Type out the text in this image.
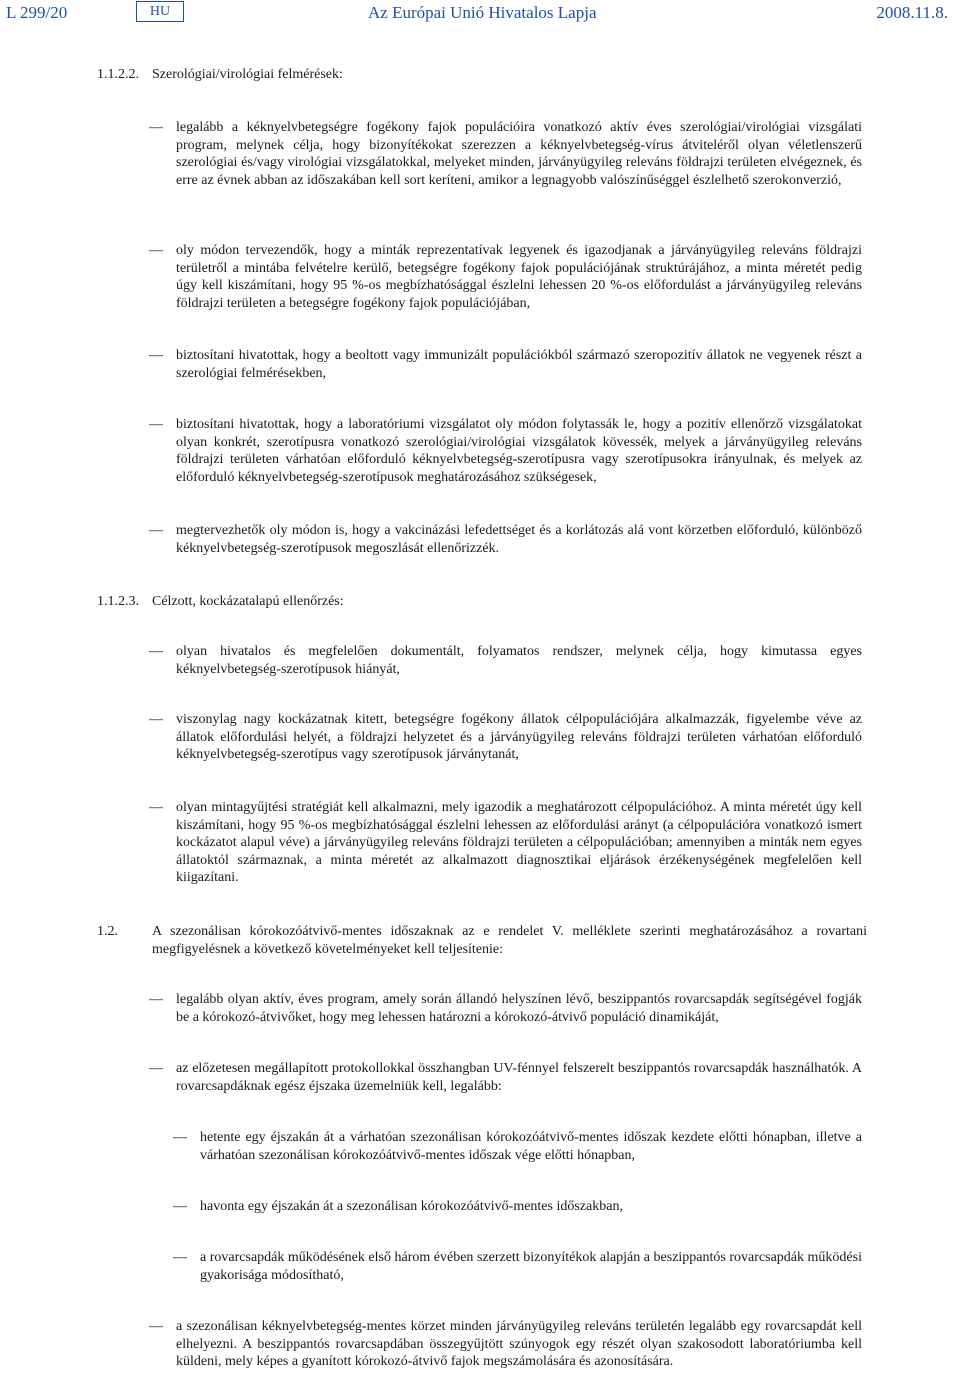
L 299/20	HU	Az Európai Unió Hivatalos Lapja	2008.11.8.
1.1.2.2. Szerológiai/virológiai felmérések:
— legalább a kéknyelvbetegségre fogékony fajok populációira vonatkozó aktív éves szerológiai/virológiai vizsgálati program, melynek célja, hogy bizonyítékokat szerezzen a kéknyelvbetegség-vírus átviteléről olyan véletlenszerű szerológiai és/vagy virológiai vizsgálatokkal, melyeket minden, járványügyileg releváns földrajzi területen elvégeznek, és erre az évnek abban az időszakában kell sort keríteni, amikor a legnagyobb valószínűséggel észlelhető szerokonverzió,
— oly módon tervezendők, hogy a minták reprezentatívak legyenek és igazodjanak a járványügyileg releváns földrajzi területről a mintába felvételre kerülő, betegségre fogékony fajok populációjának struktúrájához, a minta méretét pedig úgy kell kiszámítani, hogy 95 %-os megbízhatósággal észlelni lehessen 20 %-os előfordulást a járványügyileg releváns földrajzi területen a betegségre fogékony fajok populációjában,
— biztosítani hivatottak, hogy a beoltott vagy immunizált populációkból származó szeropozitív állatok ne vegyenek részt a szerológiai felmérésekben,
— biztosítani hivatottak, hogy a laboratóriumi vizsgálatot oly módon folytassák le, hogy a pozitív ellenőrző vizsgálatokat olyan konkrét, szerotípusra vonatkozó szerológiai/virológiai vizsgálatok kövessék, melyek a járványügyileg releváns földrajzi területen várhatóan előforduló kéknyelvbetegség-szerotípusra vagy szerotípusokra irányulnak, és melyek az előforduló kéknyelvbetegség-szerotípusok meghatározásához szükségesek,
— megtervezhetők oly módon is, hogy a vakcinázási lefedettséget és a korlátozás alá vont körzetben előforduló, különböző kéknyelvbetegség-szerotípusok megoszlását ellenőrizzék.
1.1.2.3. Célzott, kockázatalapú ellenőrzés:
— olyan hivatalos és megfelelően dokumentált, folyamatos rendszer, melynek célja, hogy kimutassa egyes kéknyelvbetegség-szerotípusok hiányát,
— viszonylag nagy kockázatnak kitett, betegségre fogékony állatok célpopulációjára alkalmazzák, figyelembe véve az állatok előfordulási helyét, a földrajzi helyzetet és a járványügyileg releváns földrajzi területen várhatóan előforduló kéknyelvbetegség-szerotípus vagy szerotípusok járványtanát,
— olyan mintagyűjtési stratégiát kell alkalmazni, mely igazodik a meghatározott célpopulációhoz. A minta méretét úgy kell kiszámítani, hogy 95 %-os megbízhatósággal észlelni lehessen az előfordulási arányt (a célpopulációra vonatkozó ismert kockázatot alapul véve) a járványügyileg releváns földrajzi területen a célpopulációban; amennyiben a minták nem egyes állatoktól származnak, a minta méretét az alkalmazott diagnosztikai eljárások érzékenységének megfelelően kell kiigazítani.
1.2. A szezonálisan kórokozóátvivő-mentes időszaknak az e rendelet V. melléklete szerinti meghatározásához a rovartani megfigyelésnek a következő követelményeket kell teljesítenie:
— legalább olyan aktív, éves program, amely során állandó helyszínen lévő, beszippantós rovarcsapdák segítségével fogják be a kórokozó-átvivőket, hogy meg lehessen határozni a kórokozó-átvivő populáció dinamikáját,
— az előzetesen megállapított protokollokkal összhangban UV-fénnyel felszerelt beszippantós rovarcsapdák használhatók. A rovarcsapdáknak egész éjszaka üzemelniük kell, legalább:
— hetente egy éjszakán át a várhatóan szezonálisan kórokozóátvivő-mentes időszak kezdete előtti hónapban, illetve a várhatóan szezonálisan kórokozóátvivő-mentes időszak vége előtti hónapban,
— havonta egy éjszakán át a szezonálisan kórokozóátvivő-mentes időszakban,
— a rovarcsapdák működésének első három évében szerzett bizonyítékok alapján a beszippantós rovarcsapdák működési gyakorisága módosítható,
— a szezonálisan kéknyelvbetegség-mentes körzet minden járványügyileg releváns területén legalább egy rovarcsapdát kell elhelyezni. A beszippantós rovarcsapdában összegyűjtött szúnyogok egy részét olyan szakosodott laboratóriumba kell küldeni, mely képes a gyanított kórokozó-átvivő fajok megszámolására és azonosítására.
